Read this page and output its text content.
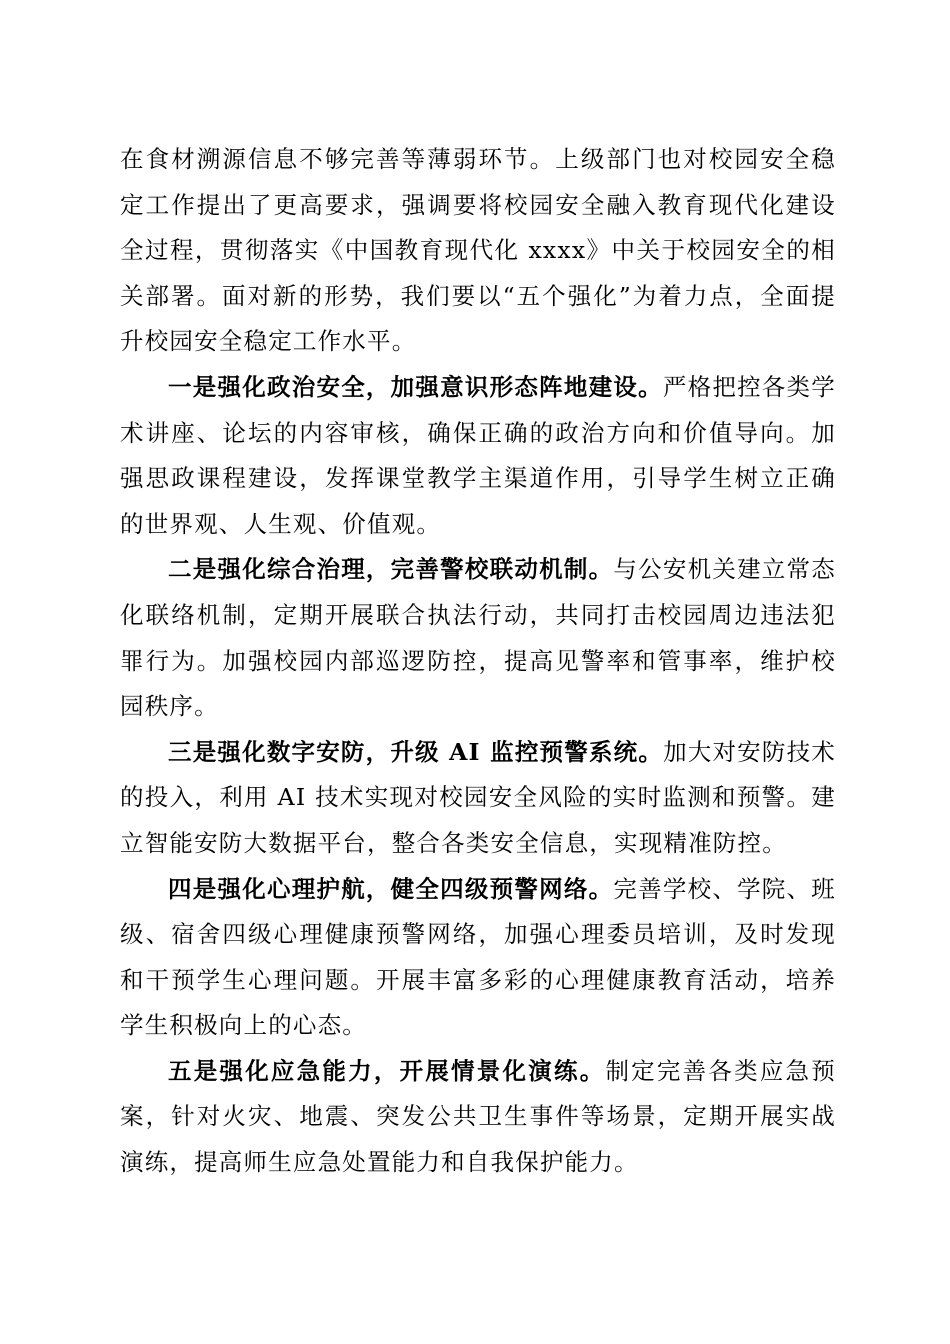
在食材溯源信息不够完善等薄弱环节。上级部门也对校园安全稳定工作提出了更高要求，强调要将校园安全融入教育现代化建设全过程，贯彻落实《中国教育现代化 xxxx》中关于校园安全的相关部署。面对新的形势，我们要以“五个强化”为着力点，全面提升校园安全稳定工作水平。

一是强化政治安全，加强意识形态阵地建设。严格把控各类学术讲座、论坛的内容审核，确保正确的政治方向和价值导向。加强思政课程建设，发挥课堂教学主渠道作用，引导学生树立正确的世界观、人生观、价值观。

二是强化综合治理，完善警校联动机制。与公安机关建立常态化联络机制，定期开展联合执法行动，共同打击校园周边违法犯罪行为。加强校园内部巡逻防控，提高见警率和管事率，维护校园秩序。

三是强化数字安防，升级 AI 监控预警系统。加大对安防技术的投入，利用 AI 技术实现对校园安全风险的实时监测和预警。建立智能安防大数据平台，整合各类安全信息，实现精准防控。

四是强化心理护航，健全四级预警网络。完善学校、学院、班级、宿舍四级心理健康预警网络，加强心理委员培训，及时发现和干预学生心理问题。开展丰富多彩的心理健康教育活动，培养学生积极向上的心态。

五是强化应急能力，开展情景化演练。制定完善各类应急预案，针对火灾、地震、突发公共卫生事件等场景，定期开展实战演练，提高师生应急处置能力和自我保护能力。
